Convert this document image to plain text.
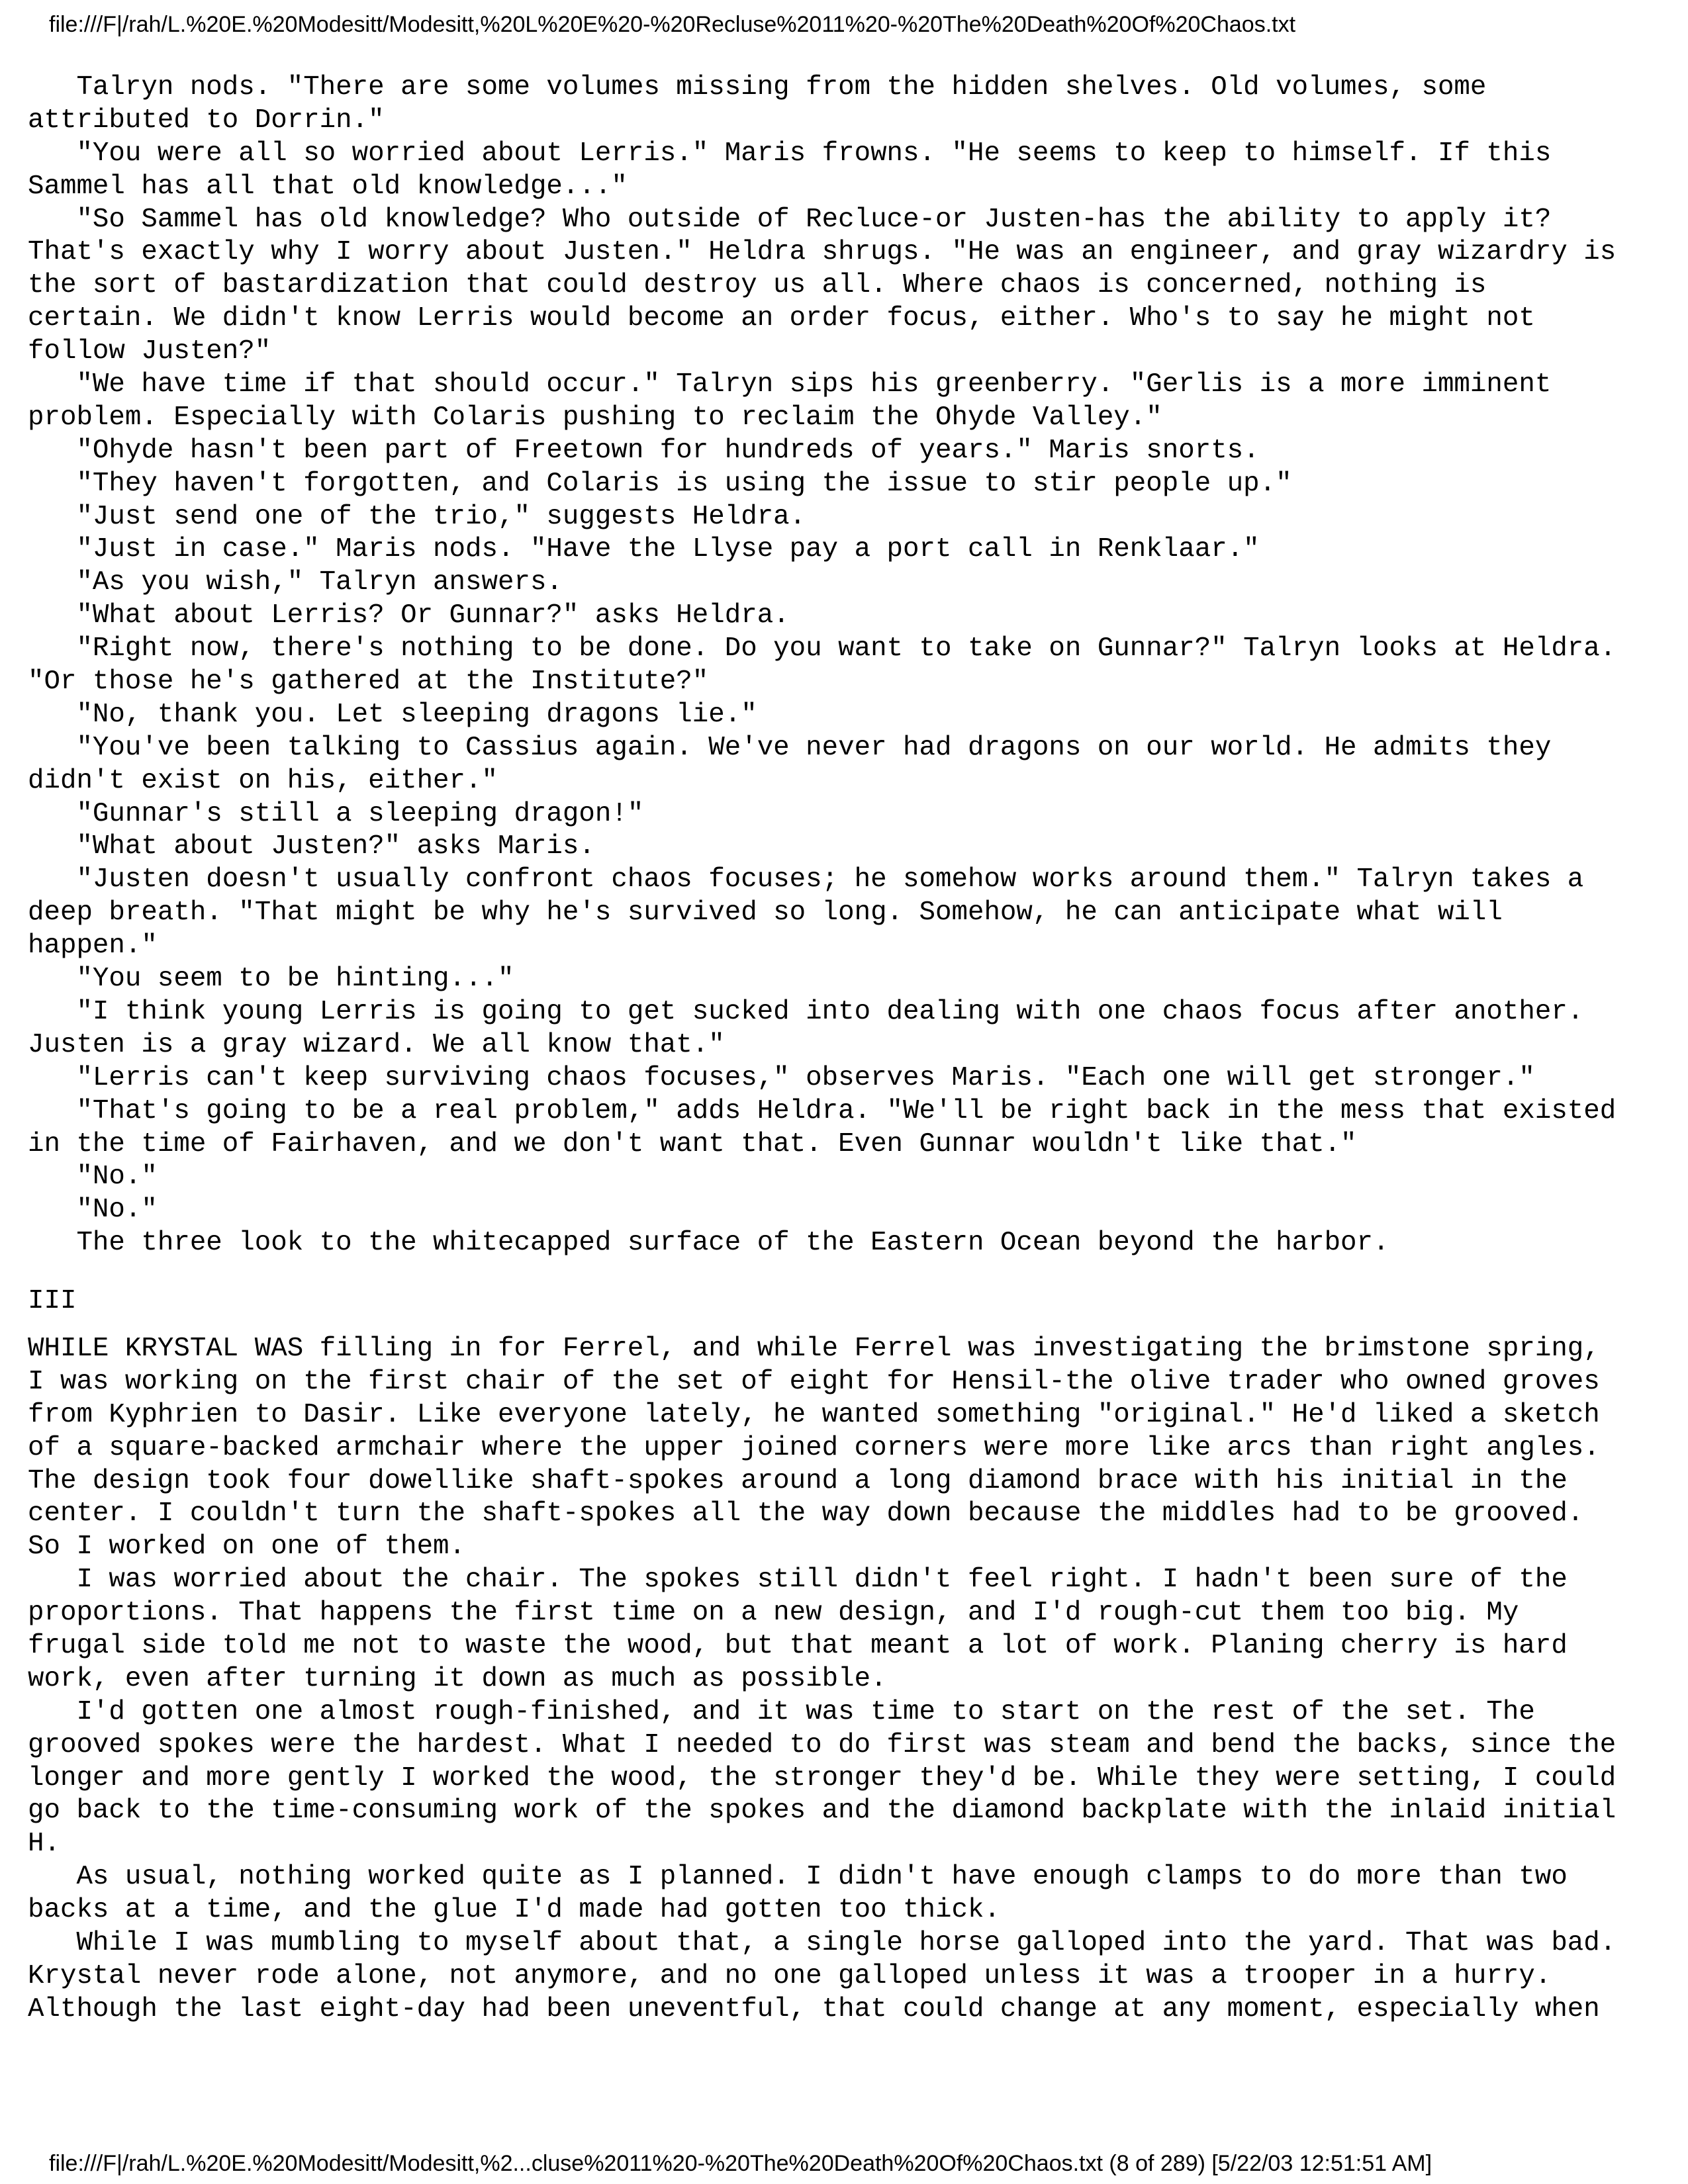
file:///F|/rah/L.%20E.%20Modesitt/Modesitt,%20L%20E%20-%20Recluse%2011%20-%20The%20Death%20Of%20Chaos.txt
Talryn nods. "There are some volumes missing from the hidden shelves. Old volumes, some
attributed to Dorrin."
"You were all so worried about Lerris." Maris frowns. "He seems to keep to himself. If this
Sammel has all that old knowledge..."
"So Sammel has old knowledge? Who outside of Recluce-or Justen-has the ability to apply it?
That's exactly why I worry about Justen." Heldra shrugs. "He was an engineer, and gray wizardry is
the sort of bastardization that could destroy us all. Where chaos is concerned, nothing is
certain. We didn't know Lerris would become an order focus, either. Who's to say he might not
follow Justen?"
"We have time if that should occur." Talryn sips his greenberry. "Gerlis is a more imminent
problem. Especially with Colaris pushing to reclaim the Ohyde Valley."
"Ohyde hasn't been part of Freetown for hundreds of years." Maris snorts.
"They haven't forgotten, and Colaris is using the issue to stir people up."
"Just send one of the trio," suggests Heldra.
"Just in case." Maris nods. "Have the Llyse pay a port call in Renklaar."
"As you wish," Talryn answers.
"What about Lerris? Or Gunnar?" asks Heldra.
"Right now, there's nothing to be done. Do you want to take on Gunnar?" Talryn looks at Heldra.
"Or those he's gathered at the Institute?"
"No, thank you. Let sleeping dragons lie."
"You've been talking to Cassius again. We've never had dragons on our world. He admits they
didn't exist on his, either."
"Gunnar's still a sleeping dragon!"
"What about Justen?" asks Maris.
"Justen doesn't usually confront chaos focuses; he somehow works around them." Talryn takes a
deep breath. "That might be why he's survived so long. Somehow, he can anticipate what will
happen."
"You seem to be hinting..."
"I think young Lerris is going to get sucked into dealing with one chaos focus after another.
Justen is a gray wizard. We all know that."
"Lerris can't keep surviving chaos focuses," observes Maris. "Each one will get stronger."
"That's going to be a real problem," adds Heldra. "We'll be right back in the mess that existed
in the time of Fairhaven, and we don't want that. Even Gunnar wouldn't like that."
"No."
"No."
The three look to the whitecapped surface of the Eastern Ocean beyond the harbor.
III
WHILE KRYSTAL WAS filling in for Ferrel, and while Ferrel was investigating the brimstone spring,
I was working on the first chair of the set of eight for Hensil-the olive trader who owned groves
from Kyphrien to Dasir. Like everyone lately, he wanted something "original." He'd liked a sketch
of a square-backed armchair where the upper joined corners were more like arcs than right angles.
The design took four dowellike shaft-spokes around a long diamond brace with his initial in the
center. I couldn't turn the shaft-spokes all the way down because the middles had to be grooved.
So I worked on one of them.
I was worried about the chair. The spokes still didn't feel right. I hadn't been sure of the
proportions. That happens the first time on a new design, and I'd rough-cut them too big. My
frugal side told me not to waste the wood, but that meant a lot of work. Planing cherry is hard
work, even after turning it down as much as possible.
I'd gotten one almost rough-finished, and it was time to start on the rest of the set. The
grooved spokes were the hardest. What I needed to do first was steam and bend the backs, since the
longer and more gently I worked the wood, the stronger they'd be. While they were setting, I could
go back to the time-consuming work of the spokes and the diamond backplate with the inlaid initial
H.
As usual, nothing worked quite as I planned. I didn't have enough clamps to do more than two
backs at a time, and the glue I'd made had gotten too thick.
While I was mumbling to myself about that, a single horse galloped into the yard. That was bad.
Krystal never rode alone, not anymore, and no one galloped unless it was a trooper in a hurry.
Although the last eight-day had been uneventful, that could change at any moment, especially when
file:///F|/rah/L.%20E.%20Modesitt/Modesitt,%2...cluse%2011%20-%20The%20Death%20Of%20Chaos.txt (8 of 289) [5/22/03 12:51:51 AM]
